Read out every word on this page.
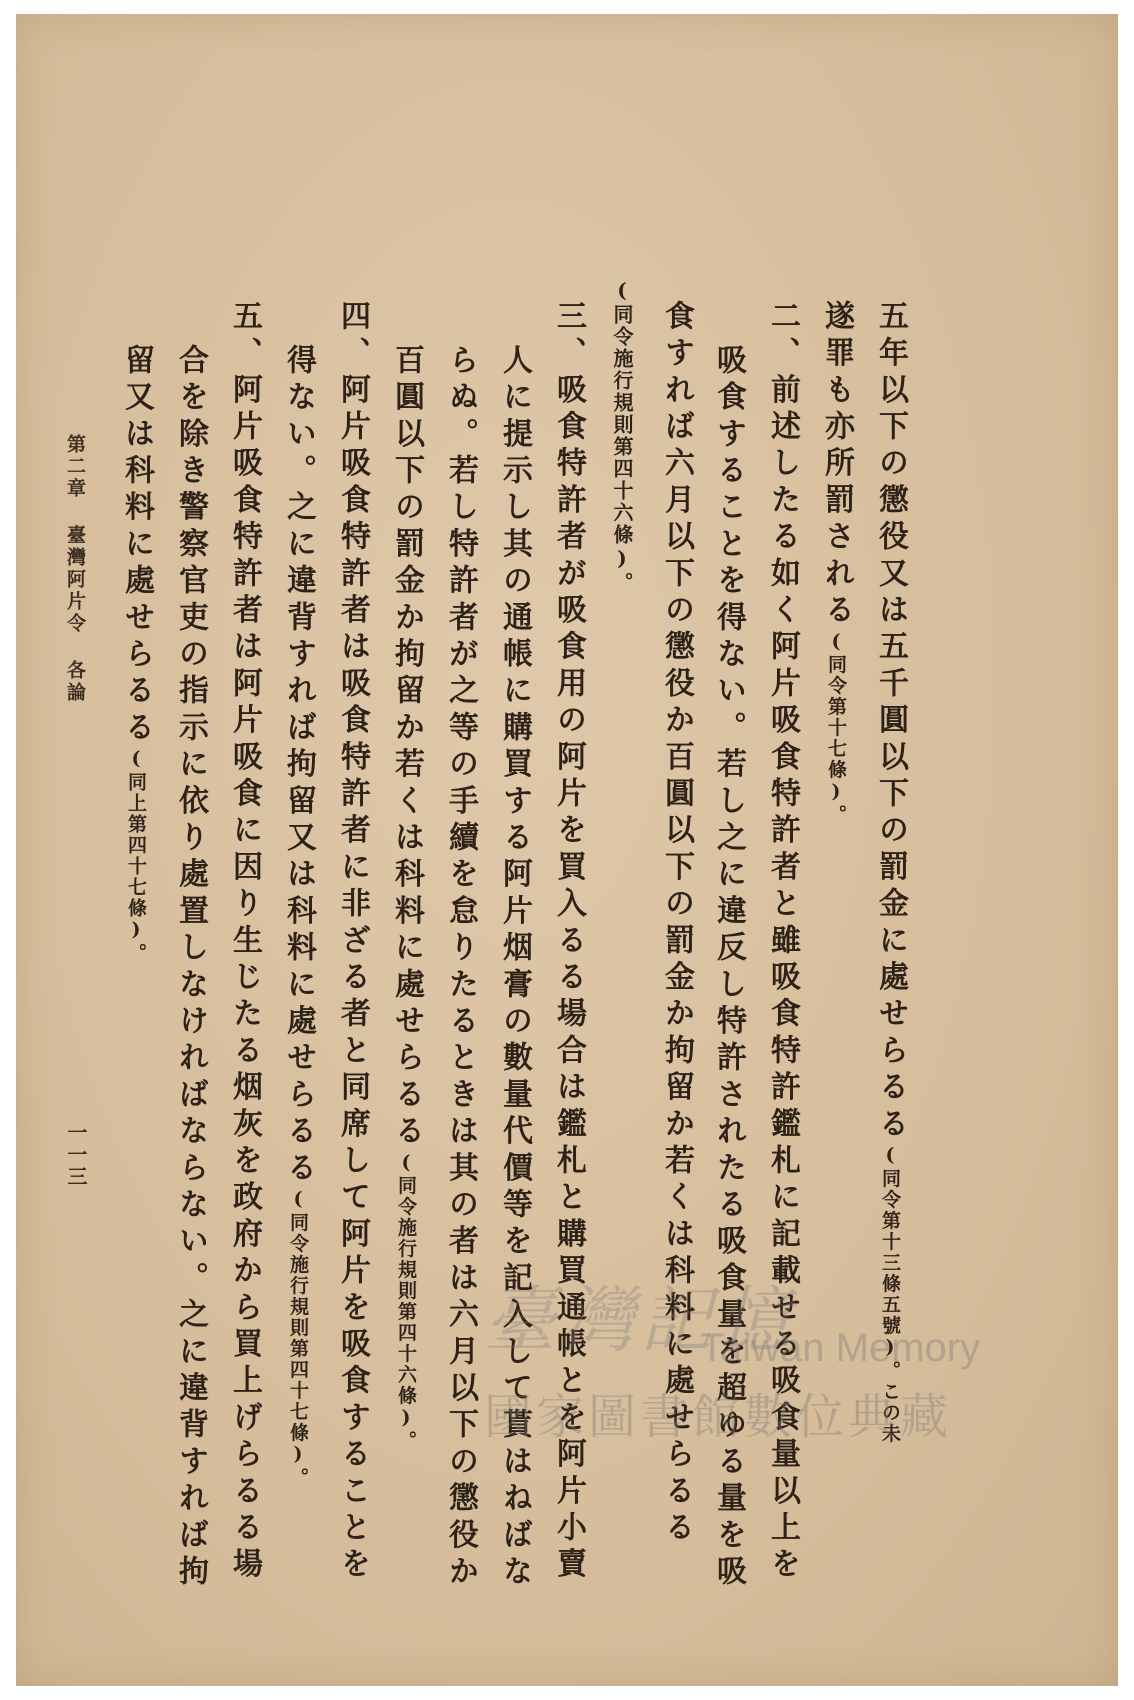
五年以下の懲役又は五千圓以下の罰金に處せらるる(同令第十三條五號)。この未
遂罪も亦所罰される(同令第十七條)。
二、前述したる如く阿片吸食特許者と雖吸食特許鑑札に記載せる吸食量以上を
吸食することを得ない。若し之に違反し特許されたる吸食量を超ゆる量を吸
食すれば六月以下の懲役か百圓以下の罰金か拘留か若くは科料に處せらるる
(同令施行規則第四十六條)。
三、吸食特許者が吸食用の阿片を買入るる場合は鑑札と購買通帳とを阿片小賣
人に提示し其の通帳に購買する阿片烟膏の數量代價等を記入して貰はねばな
らぬ。若し特許者が之等の手續を怠りたるときは其の者は六月以下の懲役か
百圓以下の罰金か拘留か若くは科料に處せらるる(同令施行規則第四十六條)。
四、阿片吸食特許者は吸食特許者に非ざる者と同席して阿片を吸食することを
得ない。之に違背すれば拘留又は科料に處せらるる(同令施行規則第四十七條)。
五、阿片吸食特許者は阿片吸食に因り生じたる烟灰を政府から買上げらるる場
合を除き警察官吏の指示に依り處置しなければならない。之に違背すれば拘
留又は科料に處せらるる(同上第四十七條)。
第二章 臺灣阿片令 各論
一一三
臺灣記憶
Taiwan Memory
國家圖書館數位典藏
